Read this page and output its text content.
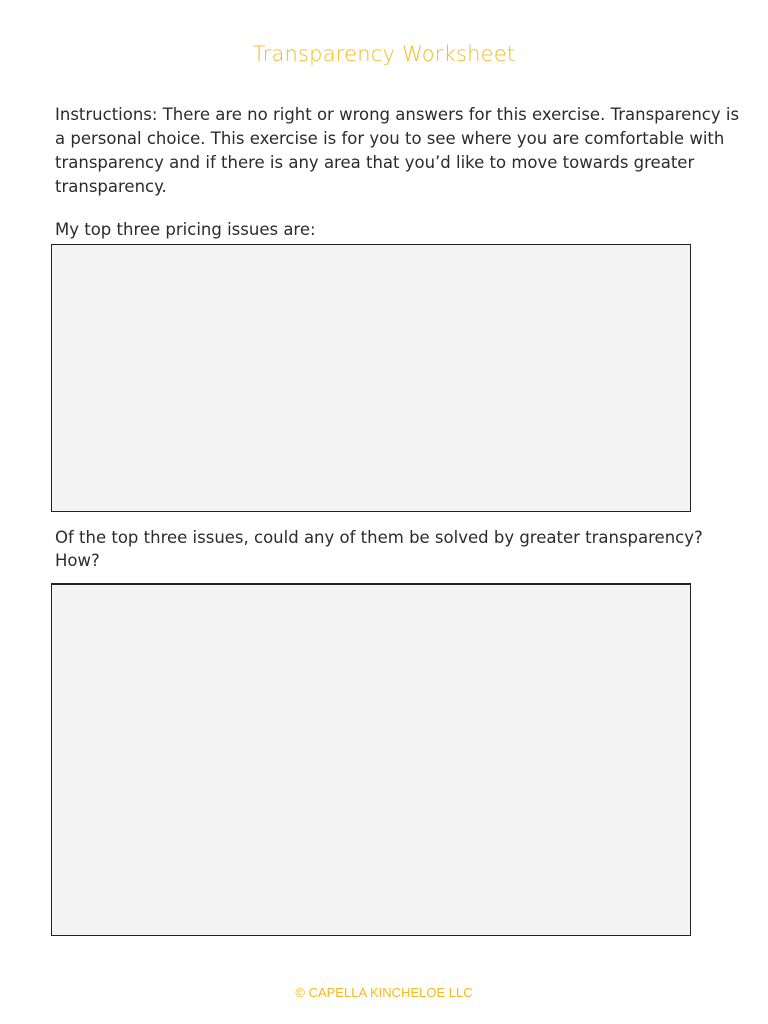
Transparency Worksheet
Instructions: There are no right or wrong answers for this exercise. Transparency is a personal choice. This exercise is for you to see where you are comfortable with transparency and if there is any area that you’d like to move towards greater transparency.
My top three pricing issues are:
Of the top three issues, could any of them be solved by greater transparency? How?
© CAPELLA KINCHELOE LLC
